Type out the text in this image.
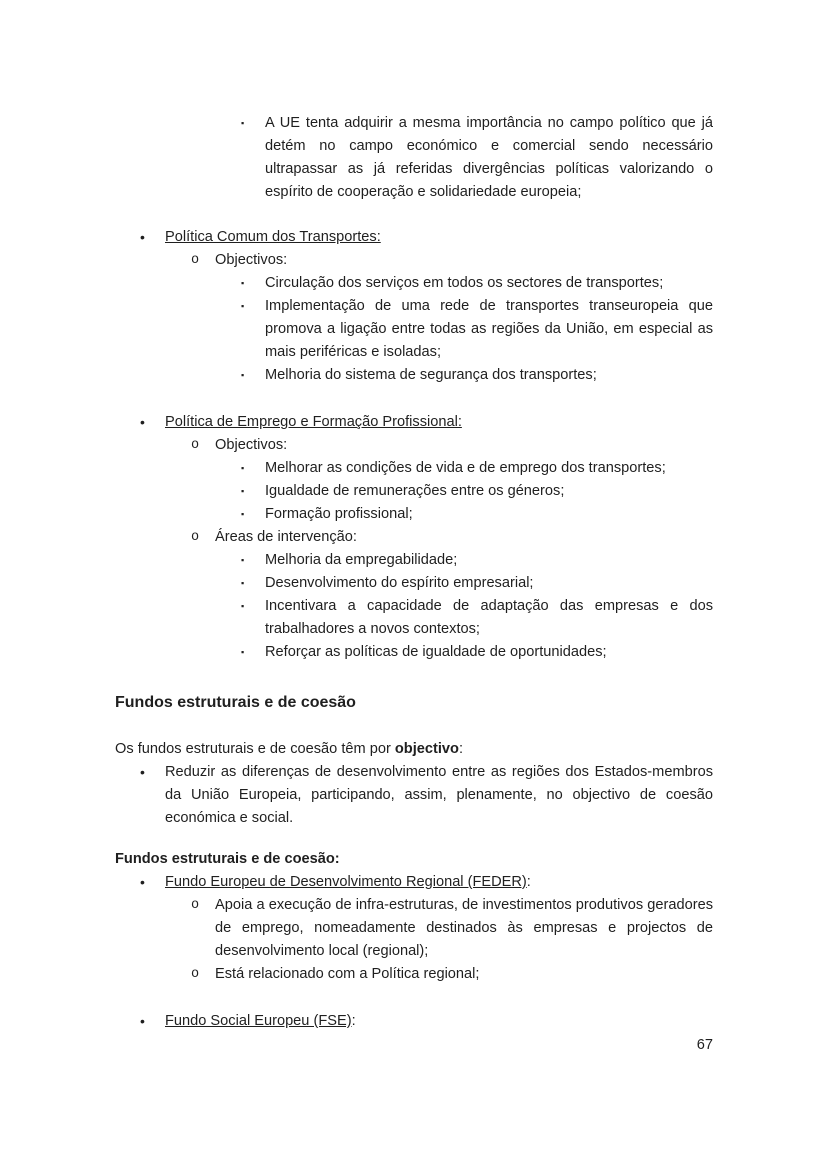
▪ A UE tenta adquirir a mesma importância no campo político que já detém no campo económico e comercial sendo necessário ultrapassar as já referidas divergências políticas valorizando o espírito de cooperação e solidariedade europeia;
• Política Comum dos Transportes:
o Objectivos:
▪ Circulação dos serviços em todos os sectores de transportes;
▪ Implementação de uma rede de transportes transeuropeia que promova a ligação entre todas as regiões da União, em especial as mais periféricas e isoladas;
▪ Melhoria do sistema de segurança dos transportes;
• Política de Emprego e Formação Profissional:
o Objectivos:
▪ Melhorar as condições de vida e de emprego dos transportes;
▪ Igualdade de remunerações entre os géneros;
▪ Formação profissional;
o Áreas de intervenção:
▪ Melhoria da empregabilidade;
▪ Desenvolvimento do espírito empresarial;
▪ Incentivara a capacidade de adaptação das empresas e dos trabalhadores a novos contextos;
▪ Reforçar as políticas de igualdade de oportunidades;
Fundos estruturais e de coesão
Os fundos estruturais e de coesão têm por objectivo:
• Reduzir as diferenças de desenvolvimento entre as regiões dos Estados-membros da União Europeia, participando, assim, plenamente, no objectivo de coesão económica e social.
Fundos estruturais e de coesão:
• Fundo Europeu de Desenvolvimento Regional (FEDER):
o Apoia a execução de infra-estruturas, de investimentos produtivos geradores de emprego, nomeadamente destinados às empresas e projectos de desenvolvimento local (regional);
o Está relacionado com a Política regional;
• Fundo Social Europeu (FSE):
67
